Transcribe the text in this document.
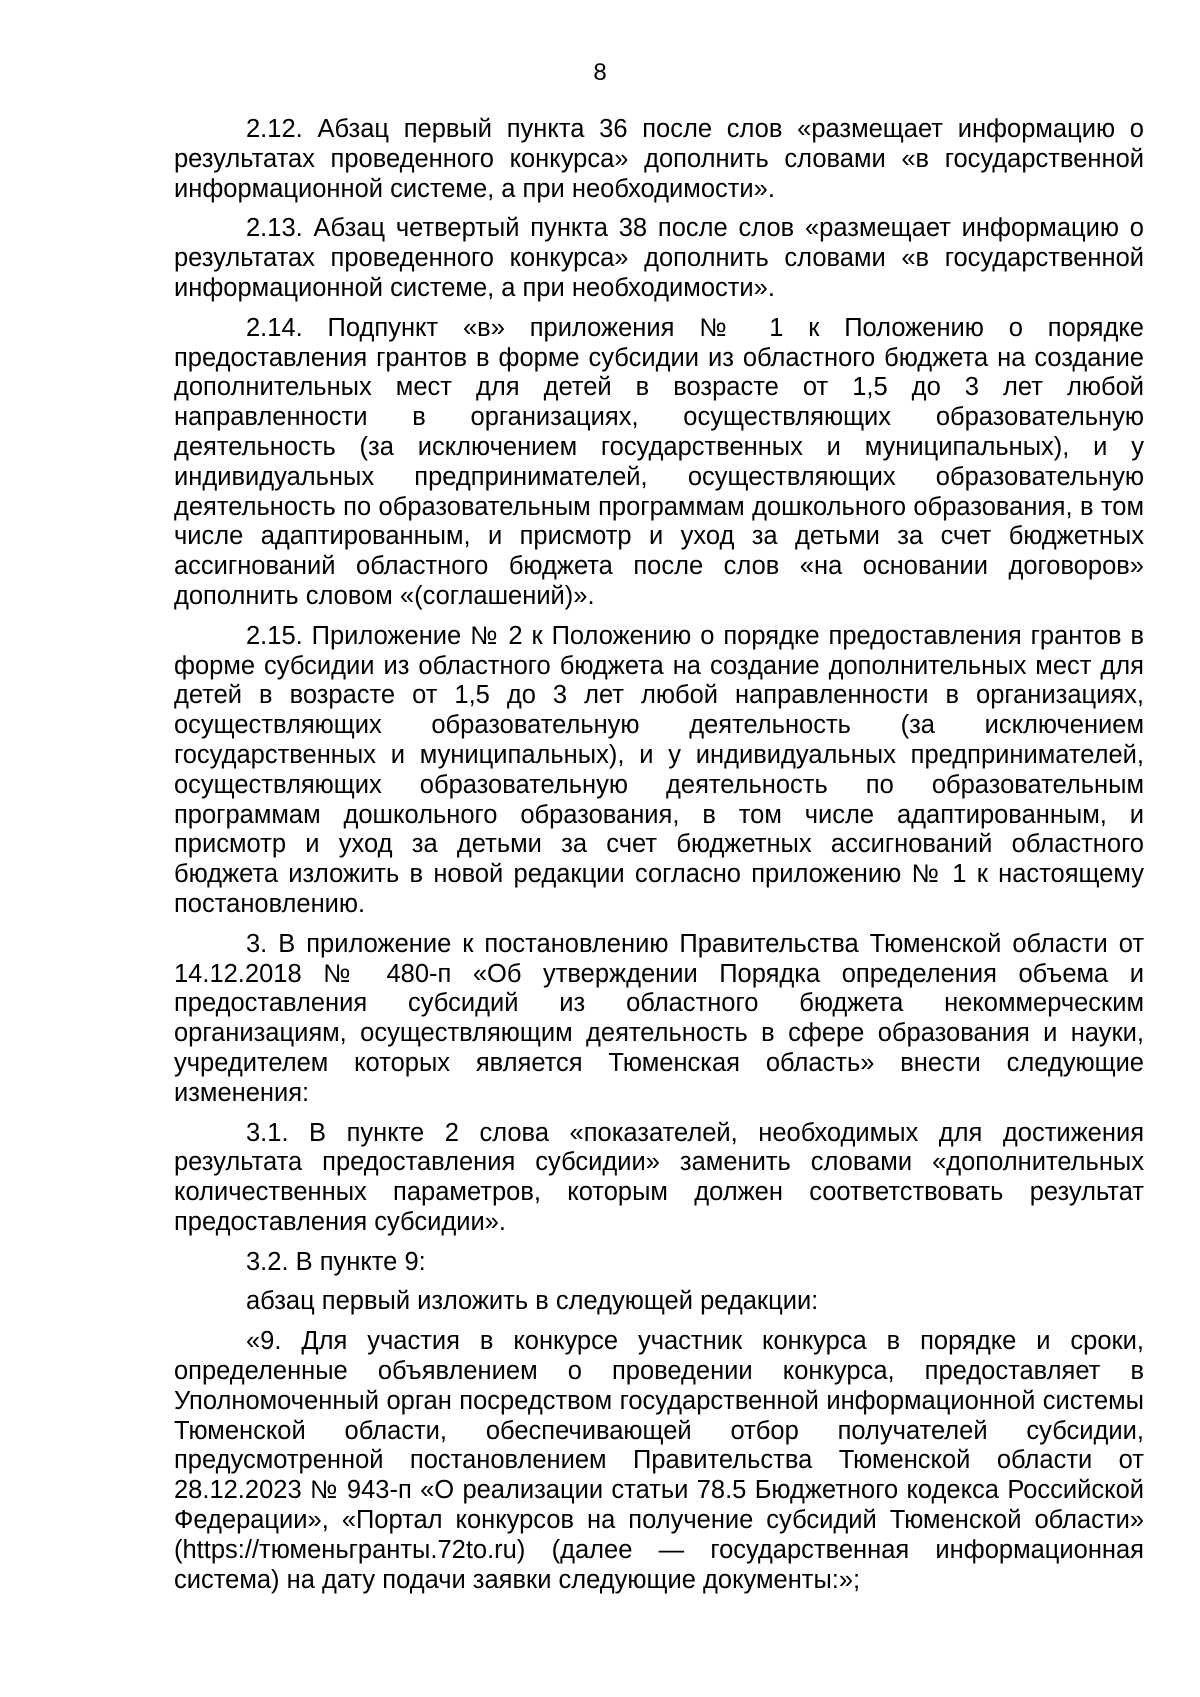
8

2.12. Абзац первый пункта 36 после слов «размещает информацию о результатах проведенного конкурса» дополнить словами «в государственной информационной системе, а при необходимости».

2.13. Абзац четвертый пункта 38 после слов «размещает информацию о результатах проведенного конкурса» дополнить словами «в государственной информационной системе, а при необходимости».

2.14. Подпункт «в» приложения № 1 к Положению о порядке предоставления грантов в форме субсидии из областного бюджета на создание дополнительных мест для детей в возрасте от 1,5 до 3 лет любой направленности в организациях, осуществляющих образовательную деятельность (за исключением государственных и муниципальных), и у индивидуальных предпринимателей, осуществляющих образовательную деятельность по образовательным программам дошкольного образования, в том числе адаптированным, и присмотр и уход за детьми за счет бюджетных ассигнований областного бюджета после слов «на основании договоров» дополнить словом «(соглашений)».

2.15. Приложение № 2 к Положению о порядке предоставления грантов в форме субсидии из областного бюджета на создание дополнительных мест для детей в возрасте от 1,5 до 3 лет любой направленности в организациях, осуществляющих образовательную деятельность (за исключением государственных и муниципальных), и у индивидуальных предпринимателей, осуществляющих образовательную деятельность по образовательным программам дошкольного образования, в том числе адаптированным, и присмотр и уход за детьми за счет бюджетных ассигнований областного бюджета изложить в новой редакции согласно приложению № 1 к настоящему постановлению.

3. В приложение к постановлению Правительства Тюменской области от 14.12.2018 № 480-п «Об утверждении Порядка определения объема и предоставления субсидий из областного бюджета некоммерческим организациям, осуществляющим деятельность в сфере образования и науки, учредителем которых является Тюменская область» внести следующие изменения:

3.1. В пункте 2 слова «показателей, необходимых для достижения результата предоставления субсидии» заменить словами «дополнительных количественных параметров, которым должен соответствовать результат предоставления субсидии».

3.2. В пункте 9:

абзац первый изложить в следующей редакции:

«9. Для участия в конкурсе участник конкурса в порядке и сроки, определенные объявлением о проведении конкурса, предоставляет в Уполномоченный орган посредством государственной информационной системы Тюменской области, обеспечивающей отбор получателей субсидии, предусмотренной постановлением Правительства Тюменской области от 28.12.2023 № 943-п «О реализации статьи 78.5 Бюджетного кодекса Российской Федерации», «Портал конкурсов на получение субсидий Тюменской области» (https://тюменьгранты.72to.ru) (далее — государственная информационная система) на дату подачи заявки следующие документы:»;
